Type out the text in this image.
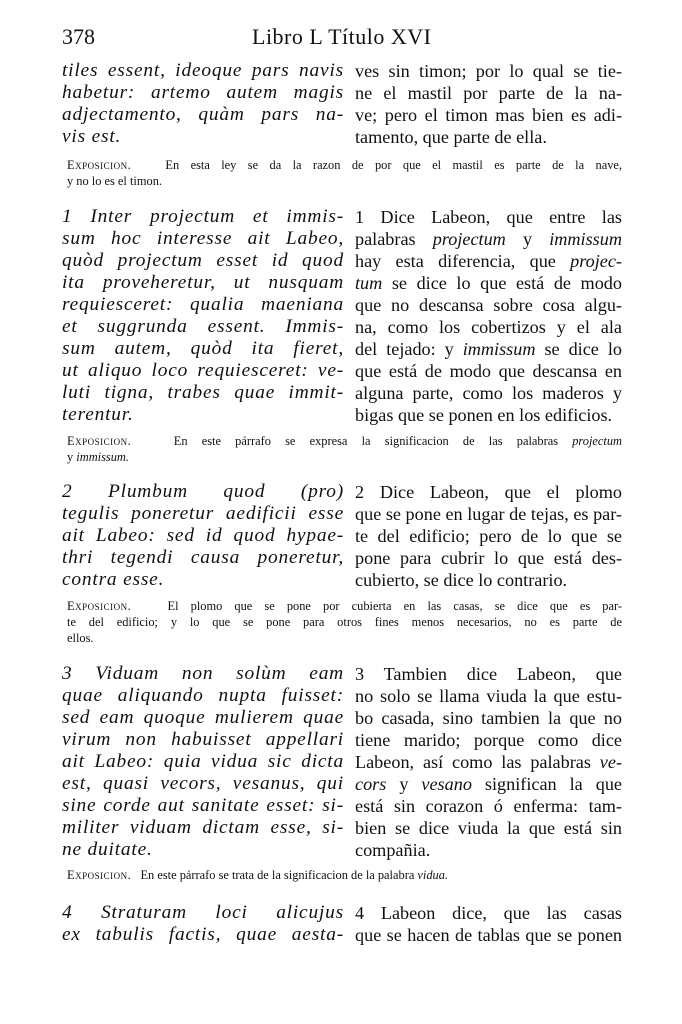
378	Libro L Título XVI
tiles essent, ideoque pars navis
habetur: artemo autem magis
adjectamento, quàm pars na-
vis est.
ves sin timon; por lo qual se tie-
ne el mastil por parte de la na-
ve; pero el timon mas bien es adi-
tamento, que parte de ella.
Exposicion.	En esta ley se da la razon de por que el mastil es parte de la nave,
y no lo es el timon.
1 Inter projectum et immis-
sum hoc interesse ait Labeo,
quòd projectum esset id quod
ita proveheretur, ut nusquam
requiesceret: qualia maeniana
et suggrunda essent. Immis-
sum autem, quòd ita fieret,
ut aliquo loco requiesceret: ve-
luti tigna, trabes quae immit-
terentur.
1 Dice Labeon, que entre las
palabras projectum y immissum
hay esta diferencia, que projec-
tum se dice lo que está de modo
que no descansa sobre cosa algu-
na, como los cobertizos y el ala
del tejado: y immissum se dice lo
que está de modo que descansa en
alguna parte, como los maderos y
bigas que se ponen en los edificios.
Exposicion.	En este párrafo se expresa la significacion de las palabras projectum
y immissum.
2 Plumbum quod (pro)
tegulis poneretur aedificii esse
ait Labeo: sed id quod hypae-
thri tegendi causa poneretur,
contra esse.
2 Dice Labeon, que el plomo
que se pone en lugar de tejas, es par-
te del edificio; pero de lo que se
pone para cubrir lo que está des-
cubierto, se dice lo contrario.
Exposicion.	El plomo que se pone por cubierta en las casas, se dice que es par-
te del edificio; y lo que se pone para otros fines menos necesarios, no es parte de
ellos.
3 Viduam non solùm eam
quae aliquando nupta fuisset:
sed eam quoque mulierem quae
virum non habuisset appellari
ait Labeo: quia vidua sic dicta
est, quasi vecors, vesanus, qui
sine corde aut sanitate esset: si-
militer viduam dictam esse, si-
ne duitate.
3 Tambien dice Labeon, que
no solo se llama viuda la que estu-
bo casada, sino tambien la que no
tiene marido; porque como dice
Labeon, así como las palabras ve-
cors y vesano significan la que
está sin corazon ó enferma: tam-
bien se dice viuda la que está sin
compañia.
Exposicion. En este párrafo se trata de la significacion de la palabra vidua.
4 Straturam loci alicujus
ex tabulis factis, quae aesta-
4 Labeon dice, que las casas
que se hacen de tablas que se ponen
